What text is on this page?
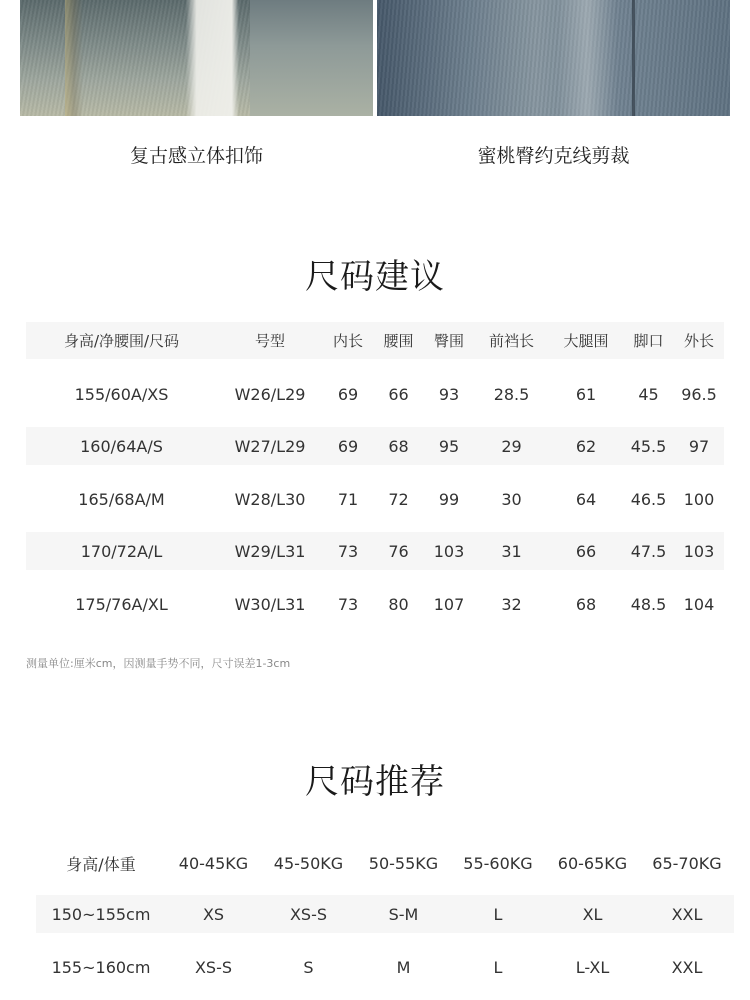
复古感立体扣饰	蜜桃臀约克线剪裁
尺码建议
身高/净腰围/尺码	号型	内长	腰围	臀围	前裆长	大腿围	脚口	外长
155/60A/XS	W26/L29	69	66	93	28.5	61	45	96.5
160/64A/S	W27/L29	69	68	95	29	62	45.5	97
165/68A/M	W28/L30	71	72	99	30	64	46.5	100
170/72A/L	W29/L31	73	76	103	31	66	47.5	103
175/76A/XL	W30/L31	73	80	107	32	68	48.5	104
测量单位:厘米cm，因测量手势不同，尺寸误差1-3cm
尺码推荐
身高/体重	40-45KG	45-50KG	50-55KG	55-60KG	60-65KG	65-70KG
150~155cm	XS	XS-S	S-M	L	XL	XXL
155~160cm	XS-S	S	M	L	L-XL	XXL
